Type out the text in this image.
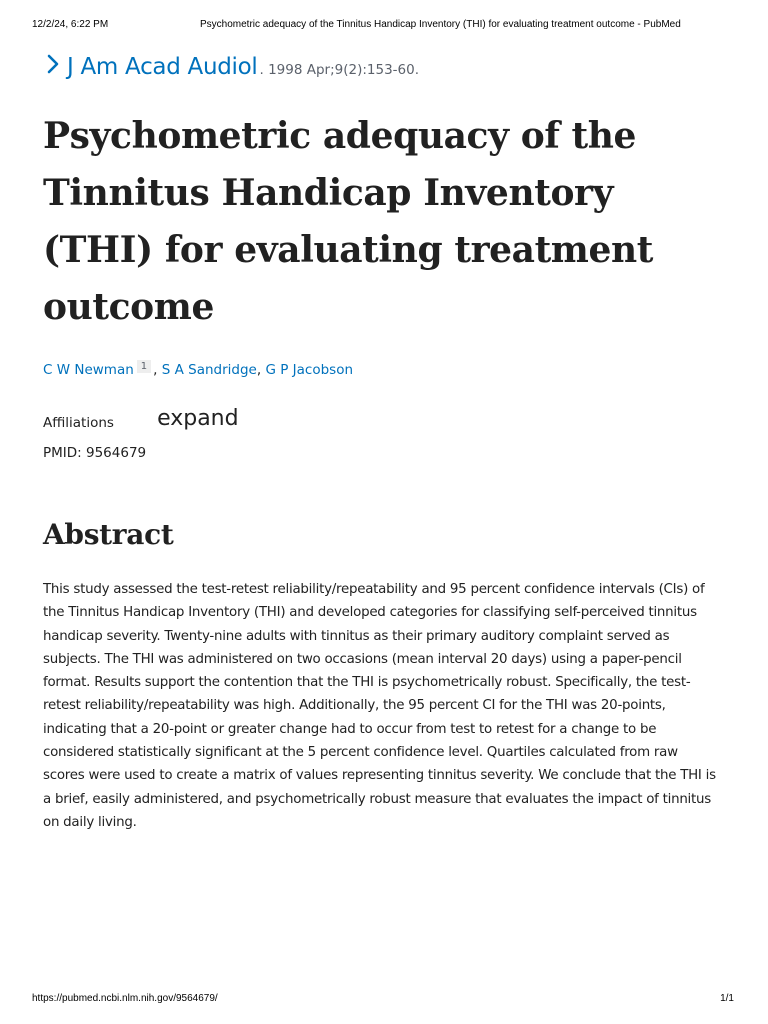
12/2/24, 6:22 PM	Psychometric adequacy of the Tinnitus Handicap Inventory (THI) for evaluating treatment outcome - PubMed
J Am Acad Audiol . 1998 Apr;9(2):153-60.
Psychometric adequacy of the Tinnitus Handicap Inventory (THI) for evaluating treatment outcome
C W Newman 1 , S A Sandridge, G P Jacobson
Affiliations expand
PMID: 9564679
Abstract

This study assessed the test-retest reliability/repeatability and 95 percent confidence intervals (CIs) of the Tinnitus Handicap Inventory (THI) and developed categories for classifying self-perceived tinnitus handicap severity. Twenty-nine adults with tinnitus as their primary auditory complaint served as subjects. The THI was administered on two occasions (mean interval 20 days) using a paper-pencil format. Results support the contention that the THI is psychometrically robust. Specifically, the test-retest reliability/repeatability was high. Additionally, the 95 percent CI for the THI was 20-points, indicating that a 20-point or greater change had to occur from test to retest for a change to be considered statistically significant at the 5 percent confidence level. Quartiles calculated from raw scores were used to create a matrix of values representing tinnitus severity. We conclude that the THI is a brief, easily administered, and psychometrically robust measure that evaluates the impact of tinnitus on daily living.

https://pubmed.ncbi.nlm.nih.gov/9564679/	1/1
